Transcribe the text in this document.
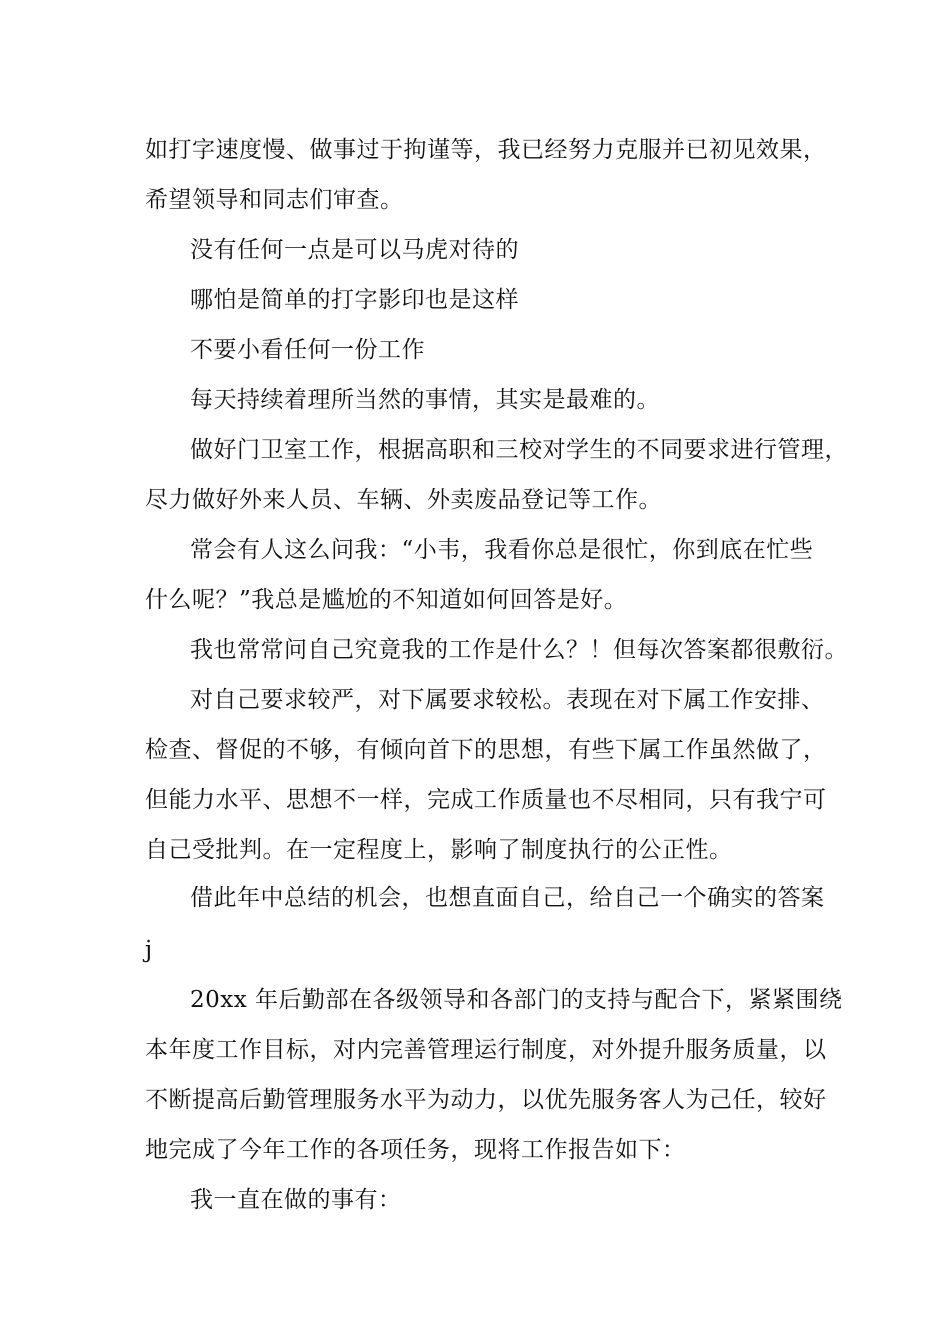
如打字速度慢、做事过于拘谨等，我已经努力克服并已初见效果，
希望领导和同志们审查。
没有任何一点是可以马虎对待的
哪怕是简单的打字影印也是这样
不要小看任何一份工作
每天持续着理所当然的事情，其实是最难的。
做好门卫室工作，根据高职和三校对学生的不同要求进行管理，
尽力做好外来人员、车辆、外卖废品登记等工作。
常会有人这么问我：“小韦，我看你总是很忙，你到底在忙些
什么呢？”我总是尴尬的不知道如何回答是好。
我也常常问自己究竟我的工作是什么？！但每次答案都很敷衍。
对自己要求较严，对下属要求较松。表现在对下属工作安排、
检查、督促的不够，有倾向首下的思想，有些下属工作虽然做了，
但能力水平、思想不一样，完成工作质量也不尽相同，只有我宁可
自己受批判。在一定程度上，影响了制度执行的公正性。
借此年中总结的机会，也想直面自己，给自己一个确实的答案
j
20xx 年后勤部在各级领导和各部门的支持与配合下，紧紧围绕
本年度工作目标，对内完善管理运行制度，对外提升服务质量，以
不断提高后勤管理服务水平为动力，以优先服务客人为己任，较好
地完成了今年工作的各项任务，现将工作报告如下：
我一直在做的事有：
